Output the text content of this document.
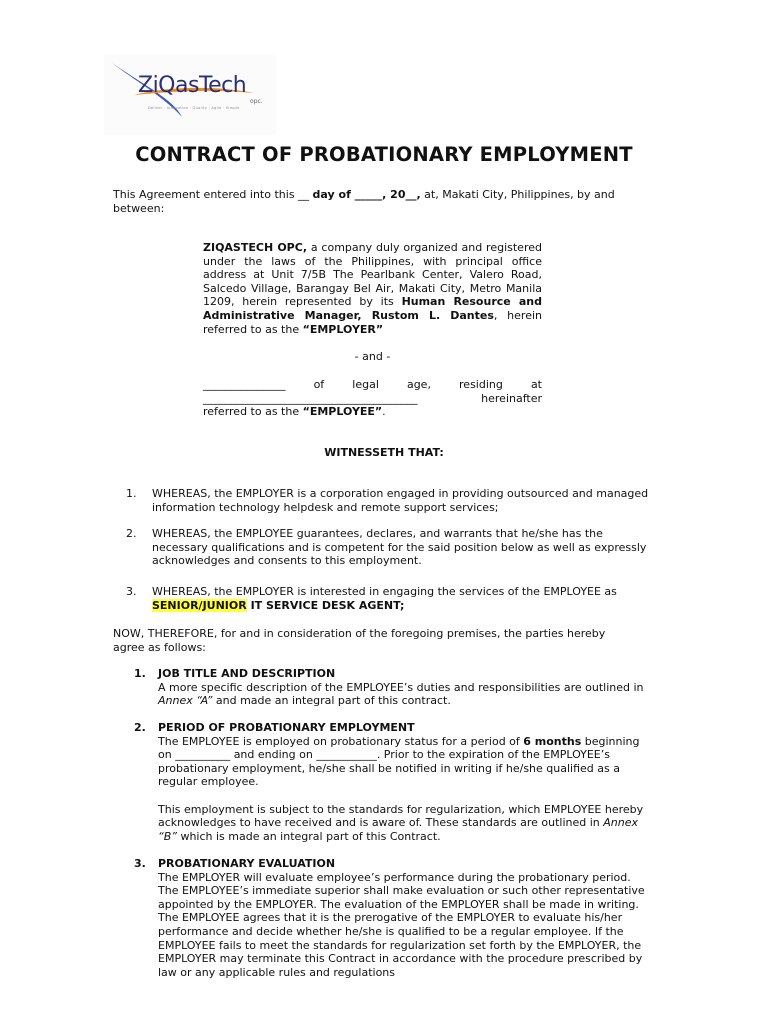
ZiQasTech
opc.
Deliver · Innovation · Quality · Agile · Simple
CONTRACT OF PROBATIONARY EMPLOYMENT
This Agreement entered into this __ day of _____, 20__, at, Makati City, Philippines, by and between:
ZIQASTECH OPC, a company duly organized and registered under the laws of the Philippines, with principal office address at Unit 7/5B The Pearlbank Center, Valero Road, Salcedo Village, Barangay Bel Air, Makati City, Metro Manila 1209, herein represented by its Human Resource and Administrative Manager, Rustom L. Dantes, herein referred to as the “EMPLOYER”
- and -
_______________	of	legal	age,	residing	at
_______________________________________	hereinafter
referred to as the “EMPLOYEE”.
WITNESSETH THAT:
1. WHEREAS, the EMPLOYER is a corporation engaged in providing outsourced and managed information technology helpdesk and remote support services;
2. WHEREAS, the EMPLOYEE guarantees, declares, and warrants that he/she has the necessary qualifications and is competent for the said position below as well as expressly acknowledges and consents to this employment.
3. WHEREAS, the EMPLOYER is interested in engaging the services of the EMPLOYEE as
SENIOR/JUNIOR IT SERVICE DESK AGENT;
NOW, THEREFORE, for and in consideration of the foregoing premises, the parties hereby agree as follows:
1. JOB TITLE AND DESCRIPTION
A more specific description of the EMPLOYEE’s duties and responsibilities are outlined in Annex “A” and made an integral part of this contract.
2. PERIOD OF PROBATIONARY EMPLOYMENT
The EMPLOYEE is employed on probationary status for a period of 6 months beginning on __________ and ending on ___________. Prior to the expiration of the EMPLOYEE’s probationary employment, he/she shall be notified in writing if he/she qualified as a regular employee.
This employment is subject to the standards for regularization, which EMPLOYEE hereby acknowledges to have received and is aware of. These standards are outlined in Annex “B” which is made an integral part of this Contract.
3. PROBATIONARY EVALUATION
The EMPLOYER will evaluate employee’s performance during the probationary period. The EMPLOYEE’s immediate superior shall make evaluation or such other representative appointed by the EMPLOYER. The evaluation of the EMPLOYER shall be made in writing. The EMPLOYEE agrees that it is the prerogative of the EMPLOYER to evaluate his/her performance and decide whether he/she is qualified to be a regular employee. If the EMPLOYEE fails to meet the standards for regularization set forth by the EMPLOYER, the EMPLOYER may terminate this Contract in accordance with the procedure prescribed by law or any applicable rules and regulations
